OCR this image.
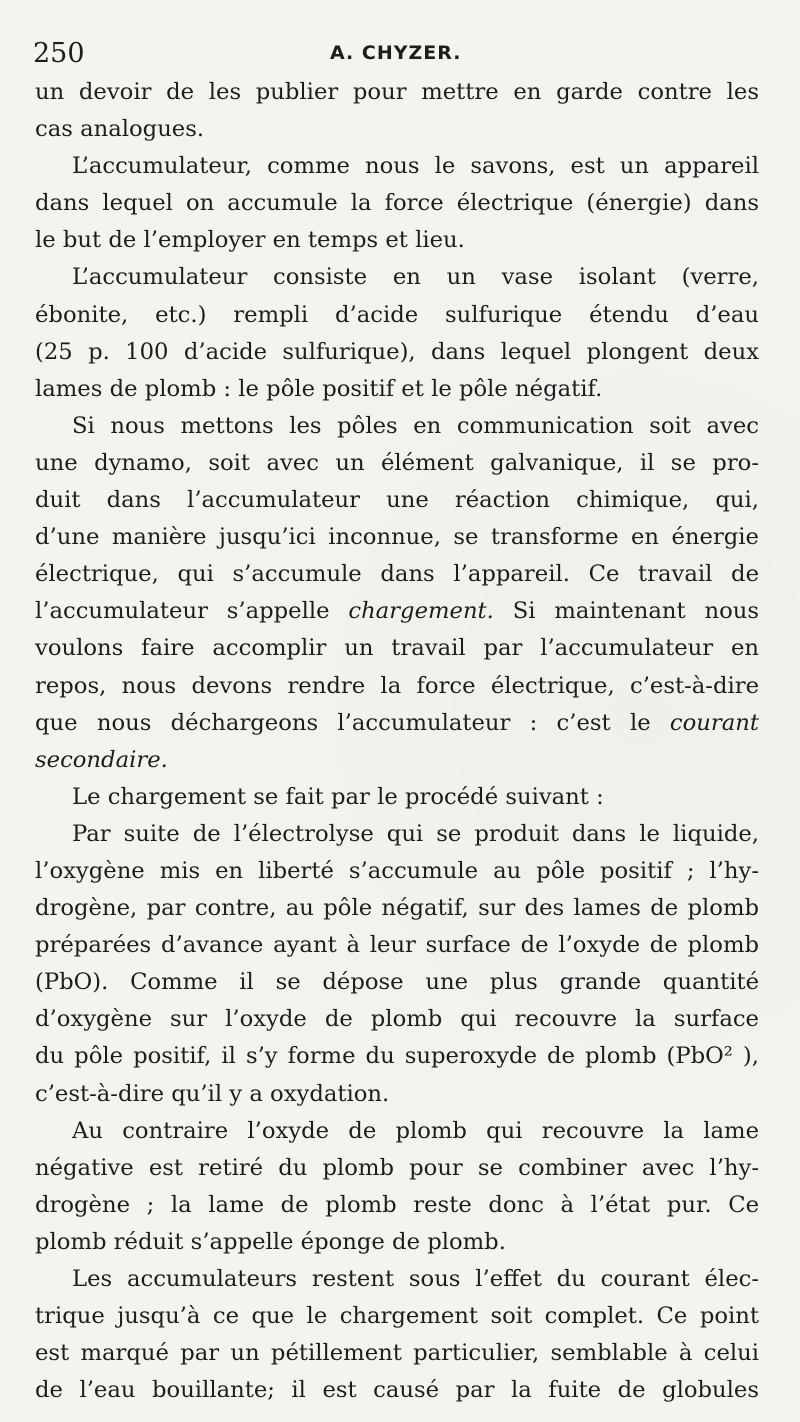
250	A. CHYZER.
un devoir de les publier pour mettre en garde contre les
cas analogues.
L’accumulateur, comme nous le savons, est un appareil
dans lequel on accumule la force électrique (énergie) dans
le but de l’employer en temps et lieu.
L’accumulateur consiste en un vase isolant (verre,
ébonite, etc.) rempli d’acide sulfurique étendu d’eau
(25 p. 100 d’acide sulfurique), dans lequel plongent deux
lames de plomb : le pôle positif et le pôle négatif.
Si nous mettons les pôles en communication soit avec
une dynamo, soit avec un élément galvanique, il se pro-
duit dans l’accumulateur une réaction chimique, qui,
d’une manière jusqu’ici inconnue, se transforme en énergie
électrique, qui s’accumule dans l’appareil. Ce travail de
l’accumulateur s’appelle chargement. Si maintenant nous
voulons faire accomplir un travail par l’accumulateur en
repos, nous devons rendre la force électrique, c’est-à-dire
que nous déchargeons l’accumulateur : c’est le courant
secondaire.
Le chargement se fait par le procédé suivant :
Par suite de l’électrolyse qui se produit dans le liquide,
l’oxygène mis en liberté s’accumule au pôle positif ; l’hy-
drogène, par contre, au pôle négatif, sur des lames de plomb
préparées d’avance ayant à leur surface de l’oxyde de plomb
(PbO). Comme il se dépose une plus grande quantité
d’oxygène sur l’oxyde de plomb qui recouvre la surface
du pôle positif, il s’y forme du superoxyde de plomb (PbO² ),
c’est-à-dire qu’il y a oxydation.
Au contraire l’oxyde de plomb qui recouvre la lame
négative est retiré du plomb pour se combiner avec l’hy-
drogène ; la lame de plomb reste donc à l’état pur. Ce
plomb réduit s’appelle éponge de plomb.
Les accumulateurs restent sous l’effet du courant élec-
trique jusqu’à ce que le chargement soit complet. Ce point
est marqué par un pétillement particulier, semblable à celui
de l’eau bouillante; il est causé par la fuite de globules
